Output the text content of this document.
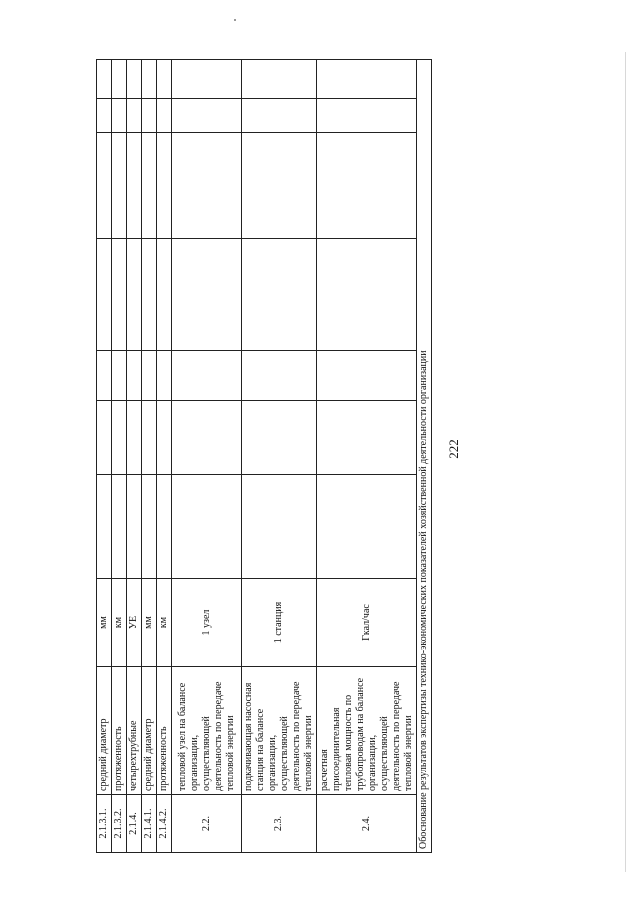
222
2.1.3.1.	средний диаметр	мм							
2.1.3.2.	протяженность	км							
2.1.4.	четырехтрубные	УЕ							
2.1.4.1.	средний диаметр	мм							
2.1.4.2.	протяженность	км							
2.2.	тепловой узел на балансе организации, осуществляющей деятельность по передаче тепловой энергии	1 узел							
2.3.	подкачивающая насосная станция на балансе организации, осуществляющей деятельность по передаче тепловой энергии	1 станция							
2.4.	расчетная присоединительная тепловая мощность по трубопроводам на балансе организации, осуществляющей деятельность по передаче тепловой энергии	Гкал/час							
Обоснование результатов экспертизы технико-экономических показателей хозяйственной деятельности организации									
